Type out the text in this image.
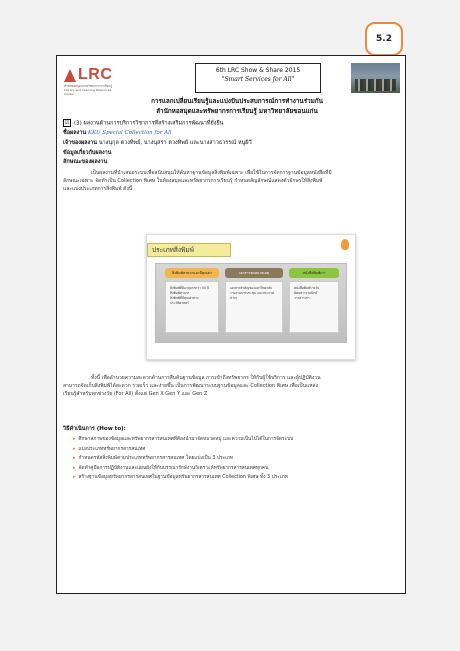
5.2
LRC
สำนักหอสมุดและทรัพยากรการเรียนรู้
Library and Learning Resources Center
6th LRC Show & Share 2015
"Smart Services for All"
การแลกเปลี่ยนเรียนรู้และแบ่งปันประสบการณ์การทำงานร่วมกัน
สำนักหอสมุดและทรัพยากรการเรียนรู้ มหาวิทยาลัยขอนแก่น
☑ (3) ผลงานด้านการบริการวิชาการที่สร้างเสริมการพัฒนาที่ยั่งยืน
ชื่อผลงาน KKU Special Collection for All
เจ้าของผลงาน นางนุกุล ตวงทิพย์, นางนุสรา ตวงทิพย์ และนางสาวธวรรณ์ หนูผิวี
ข้อมูลเกี่ยวกับผลงาน
ลักษณะของผลงาน
เป็นผลงานที่นำเสนอระบบเพื่อสนับสนุนให้ค้นหาฐานข้อมูลสิ่งพิมพ์เฉพาะ เพื่อใช้ในการจัดการฐานข้อมูลหนังสือที่มี
ลักษณะเฉพาะ จัดทำเป็น Collection พิเศษ ในห้องสมุดและทรัพยากรการเรียนรู้ กำหนดสัญลักษณ์แสดงตัวอักษรให้สิ่งพิมพ์
และแบ่งประเภทการสิ่งพิมพ์ ดังนี้
ประเภทสิ่งพิมพ์
สิ่งพิมพ์หายากและมีคุณค่า
สิ่งพิมพ์ที่มีอายุมากกว่า 50 ปี
สิ่งพิมพ์หายาก
สิ่งพิมพ์ที่มีคุณค่าทางประวัติศาสตร์
เอกสารจดหมายเหตุ
เอกสารสำคัญของมหาวิทยาลัย
รายงานการประชุม และประกาศต่างๆ
หนังสือพิมพ์เก่า
หนังสือพิมพ์รายวัน
นิตยสารรายปักษ์
วารสารเก่า
ทั้งนี้ เพื่ออำนวยความสะดวกด้านการสืบค้นฐานข้อมูล การเข้าถึงทรัพยากร ให้กับผู้ใช้บริการ และผู้ปฏิบัติงาน
สามารถจัดเก็บสิ่งพิมพ์ได้สะดวก รวดเร็ว และง่ายขึ้น เป็นการพัฒนาระบบฐานข้อมูลและ Collection พิเศษ เพื่อเป็นแหล่ง
เรียนรู้สำหรับทุกช่วงวัย (For All) ตั้งแต่ Gen X Gen Y และ Gen Z
วิธีดำเนินการ (How to):
▸ ศึกษาสภาพของข้อมูลและทรัพยากรสารสนเทศที่ต้องนำมาจัดหมวดหมู่ และความเป็นไปได้ในการจัดระบบ
▸ แบ่งประเภททรัพยากรสารสนเทศ
▸ กำหนดรหัสสิ่งพิมพ์ตามประเภททรัพยากรสารสนเทศ โดยแบ่งเป็น 3 ประเภท
▸ จัดทำคู่มือการปฏิบัติงานและแผนผังให้กับบรรณารักษ์งานวิเคราะห์ทรัพยากรสารสนเทศทุกคน
▸ สร้างฐานข้อมูลทรัพยากรสารสนเทศในฐานข้อมูลทรัพยากรสารสนเทศ Collection พิเศษ ทั้ง 3 ประเภท
